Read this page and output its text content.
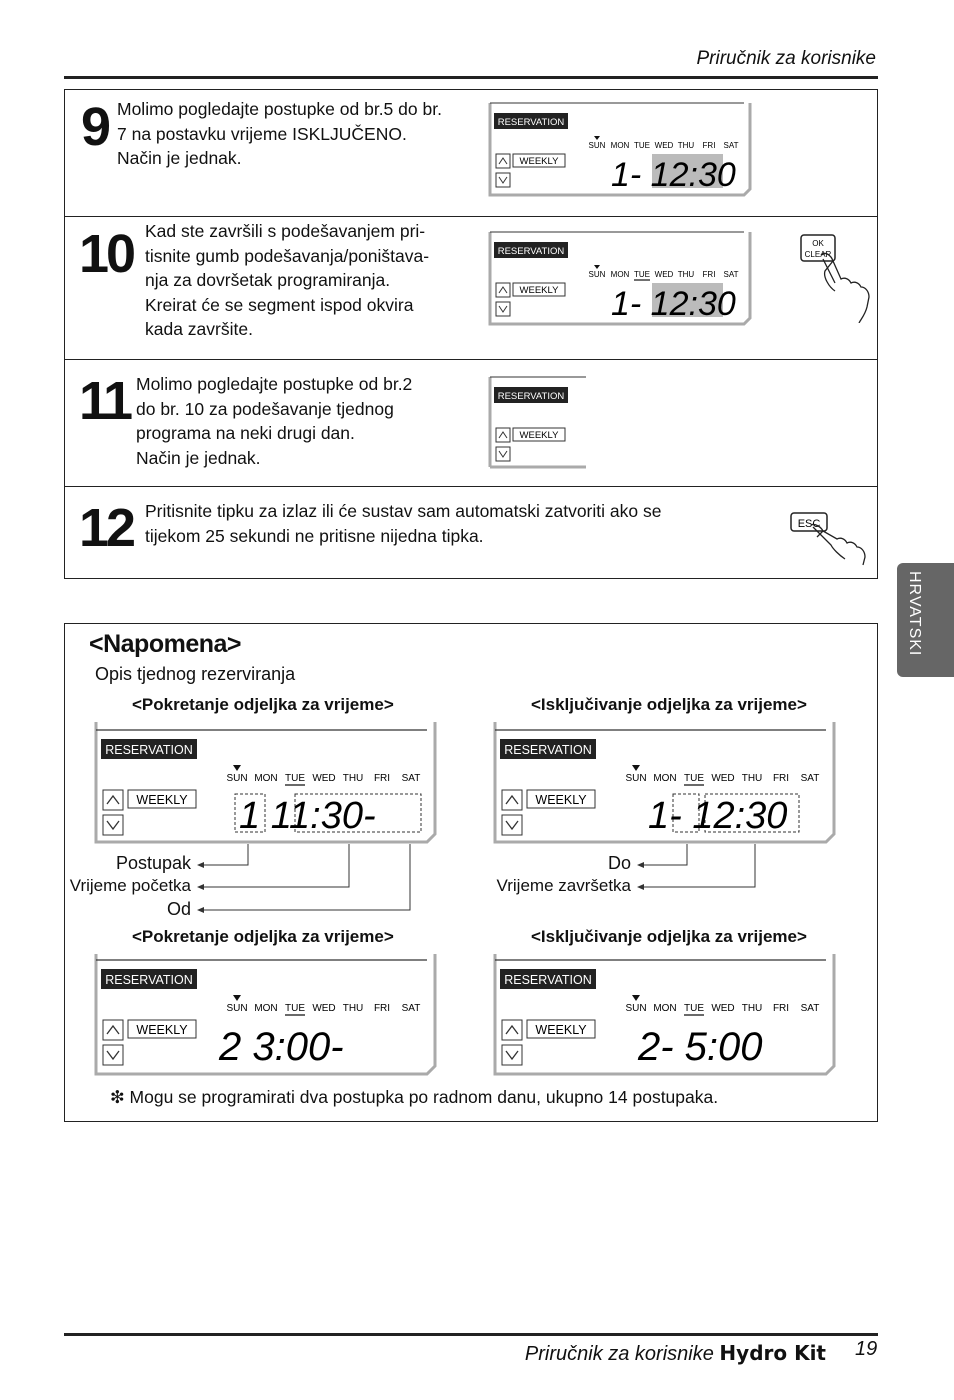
Priručnik za korisnike
9 Molimo pogledajte postupke od br.5 do br.
7 na postavku vrijeme ISKLJUČENO.
Način je jednak.
RESERVATION
SUN MON TUE WED THU FRI SAT
WEEKLY 1- 12:30
10 Kad ste završili s podešavanjem pri-
tisnite gumb podešavanja/poništava-
nja za dovršetak programiranja.
Kreirat će se segment ispod okvira
kada završite.
RESERVATION
SUN MON TUE WED THU FRI SAT
WEEKLY 1- 12:30
OK
CLEAR
11 Molimo pogledajte postupke od br.2
do br. 10 za podešavanje tjednog
programa na neki drugi dan.
Način je jednak.
RESERVATION
WEEKLY
12 Pritisnite tipku za izlaz ili će sustav sam automatski zatvoriti ako se
tijekom 25 sekundi ne pritisne nijedna tipka.
ESC
HRVATSKI
<Napomena>
Opis tjednog rezerviranja
<Pokretanje odjeljka za vrijeme>	<Isključivanje odjeljka za vrijeme>
<Pokretanje odjeljka za vrijeme>	<Isključivanje odjeljka za vrijeme>
RESERVATION
SUN MON TUE WED THU FRI SAT
WEEKLY 1 11:30-
RESERVATION
SUN MON TUE WED THU FRI SAT
WEEKLY 1- 12:30
Postupak
Vrijeme početka
Od
Do
Vrijeme završetka
RESERVATION
SUN MON TUE WED THU FRI SAT
WEEKLY 2 3:00-
RESERVATION
SUN MON TUE WED THU FRI SAT
WEEKLY 2- 5:00
❇ Mogu se programirati dva postupka po radnom danu, ukupno 14 postupaka.
Priručnik za korisnike Hydro Kit 19
